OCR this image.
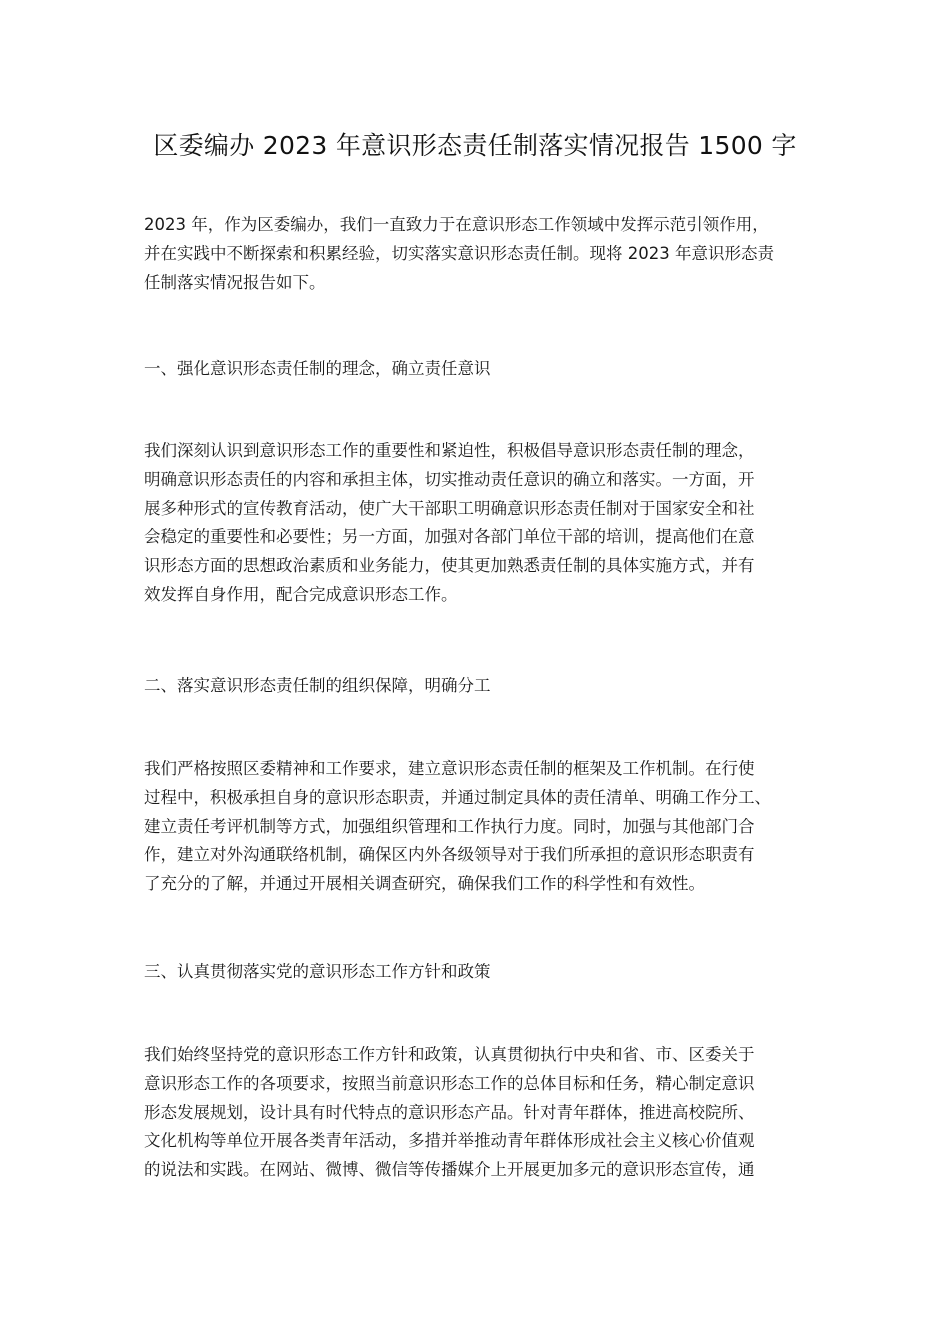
区委编办 2023 年意识形态责任制落实情况报告 1500 字

2023 年，作为区委编办，我们一直致力于在意识形态工作领域中发挥示范引领作用，
并在实践中不断探索和积累经验，切实落实意识形态责任制。现将 2023 年意识形态责
任制落实情况报告如下。

一、强化意识形态责任制的理念，确立责任意识

我们深刻认识到意识形态工作的重要性和紧迫性，积极倡导意识形态责任制的理念，
明确意识形态责任的内容和承担主体，切实推动责任意识的确立和落实。一方面，开
展多种形式的宣传教育活动，使广大干部职工明确意识形态责任制对于国家安全和社
会稳定的重要性和必要性；另一方面，加强对各部门单位干部的培训，提高他们在意
识形态方面的思想政治素质和业务能力，使其更加熟悉责任制的具体实施方式，并有
效发挥自身作用，配合完成意识形态工作。

二、落实意识形态责任制的组织保障，明确分工

我们严格按照区委精神和工作要求，建立意识形态责任制的框架及工作机制。在行使
过程中，积极承担自身的意识形态职责，并通过制定具体的责任清单、明确工作分工、
建立责任考评机制等方式，加强组织管理和工作执行力度。同时，加强与其他部门合
作，建立对外沟通联络机制，确保区内外各级领导对于我们所承担的意识形态职责有
了充分的了解，并通过开展相关调查研究，确保我们工作的科学性和有效性。

三、认真贯彻落实党的意识形态工作方针和政策

我们始终坚持党的意识形态工作方针和政策，认真贯彻执行中央和省、市、区委关于
意识形态工作的各项要求，按照当前意识形态工作的总体目标和任务，精心制定意识
形态发展规划，设计具有时代特点的意识形态产品。针对青年群体，推进高校院所、
文化机构等单位开展各类青年活动，多措并举推动青年群体形成社会主义核心价值观
的说法和实践。在网站、微博、微信等传播媒介上开展更加多元的意识形态宣传，通
